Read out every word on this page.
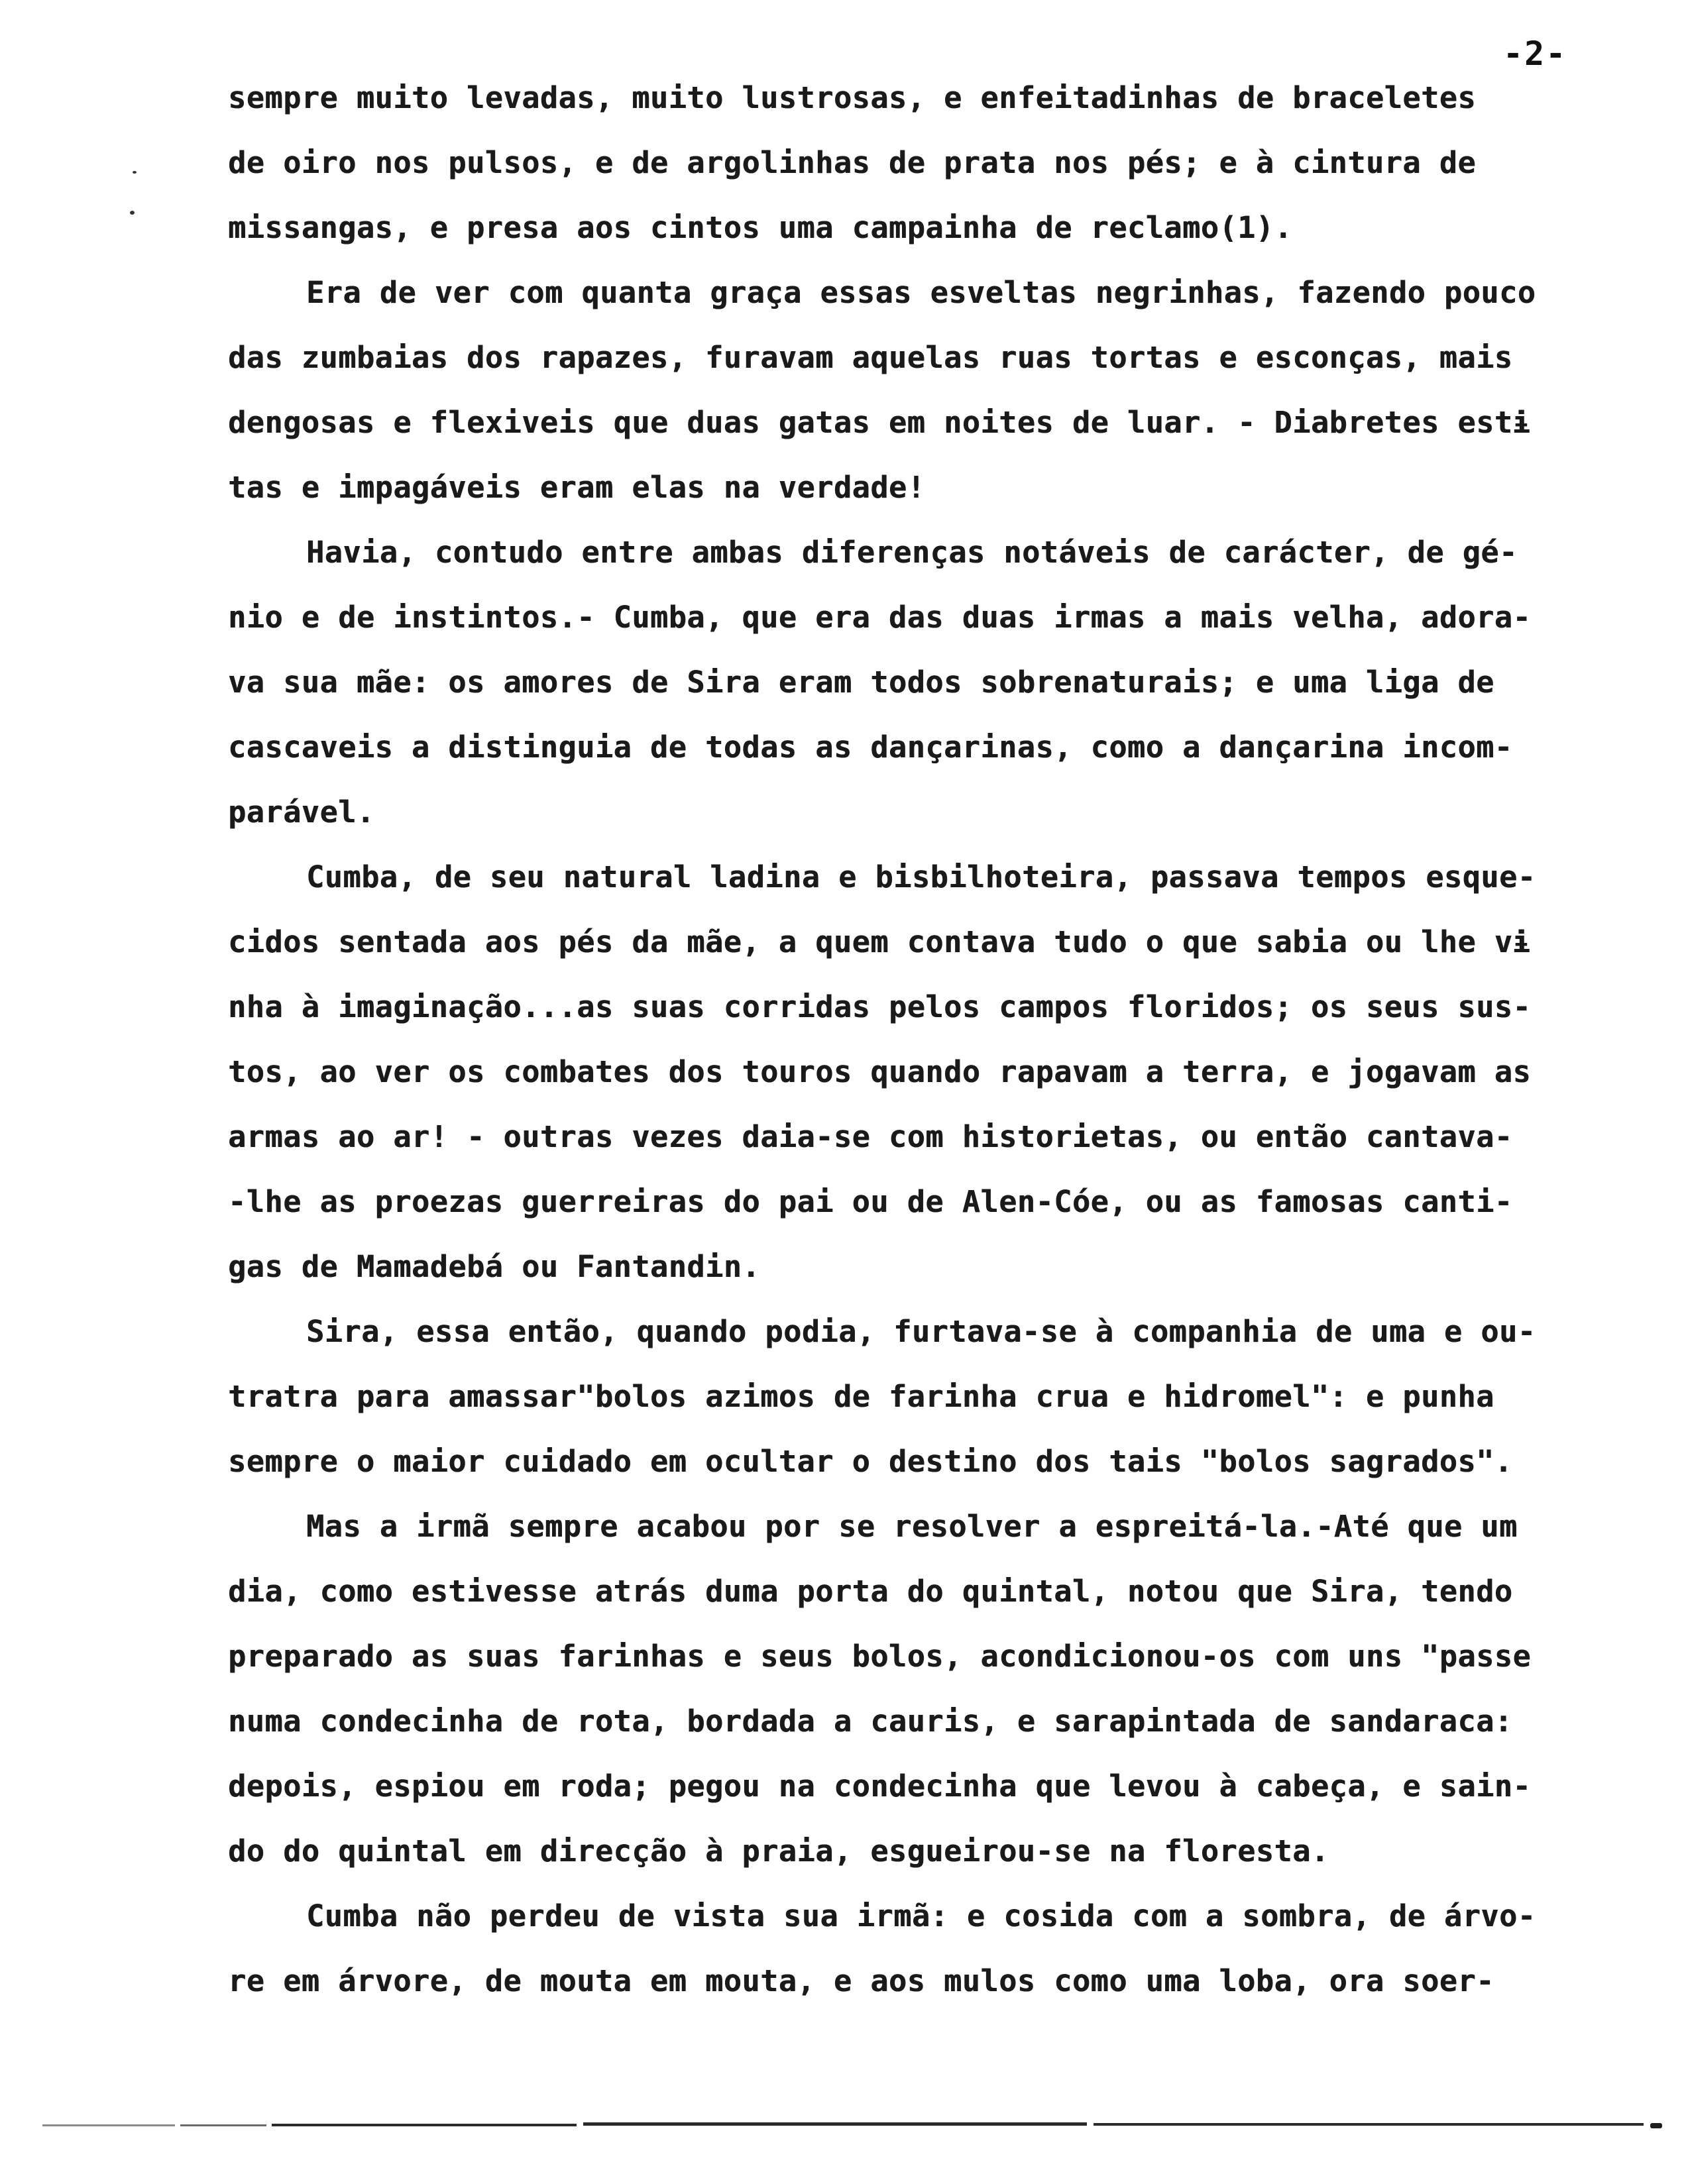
-2-
sempre muito levadas, muito lustrosas, e enfeitadinhas de braceletes
de oiro nos pulsos, e de argolinhas de prata nos pés; e à cintura de
missangas, e presa aos cintos uma campainha de reclamo(1).
Era de ver com quanta graça essas esveltas negrinhas, fazendo pouco
das zumbaias dos rapazes, furavam aquelas ruas tortas e esconças, mais
dengosas e flexiveis que duas gatas em noites de luar. - Diabretes estɨ
tas e impagáveis eram elas na verdade!
Havia, contudo entre ambas diferenças notáveis de carácter, de gé-
nio e de instintos.- Cumba, que era das duas irmas a mais velha, adora-
va sua mãe: os amores de Sira eram todos sobrenaturais; e uma liga de
cascaveis a distinguia de todas as dançarinas, como a dançarina incom-
parável.
Cumba, de seu natural ladina e bisbilhoteira, passava tempos esque-
cidos sentada aos pés da mãe, a quem contava tudo o que sabia ou lhe vɨ
nha à imaginação...as suas corridas pelos campos floridos; os seus sus-
tos, ao ver os combates dos touros quando rapavam a terra, e jogavam as
armas ao ar! - outras vezes daia-se com historietas, ou então cantava-
-lhe as proezas guerreiras do pai ou de Alen-Cóe, ou as famosas canti-
gas de Mamadebá ou Fantandin.
Sira, essa então, quando podia, furtava-se à companhia de uma e ou-
tratra para amassar"bolos azimos de farinha crua e hidromel": e punha
sempre o maior cuidado em ocultar o destino dos tais "bolos sagrados".
Mas a irmã sempre acabou por se resolver a espreitá-la.-Até que um
dia, como estivesse atrás duma porta do quintal, notou que Sira, tendo
preparado as suas farinhas e seus bolos, acondicionou-os com uns "passe
numa condecinha de rota, bordada a cauris, e sarapintada de sandaraca:
depois, espiou em roda; pegou na condecinha que levou à cabeça, e sain-
do do quintal em direcção à praia, esgueirou-se na floresta.
Cumba não perdeu de vista sua irmã: e cosida com a sombra, de árvo-
re em árvore, de mouta em mouta, e aos mulos como uma loba, ora soer-
